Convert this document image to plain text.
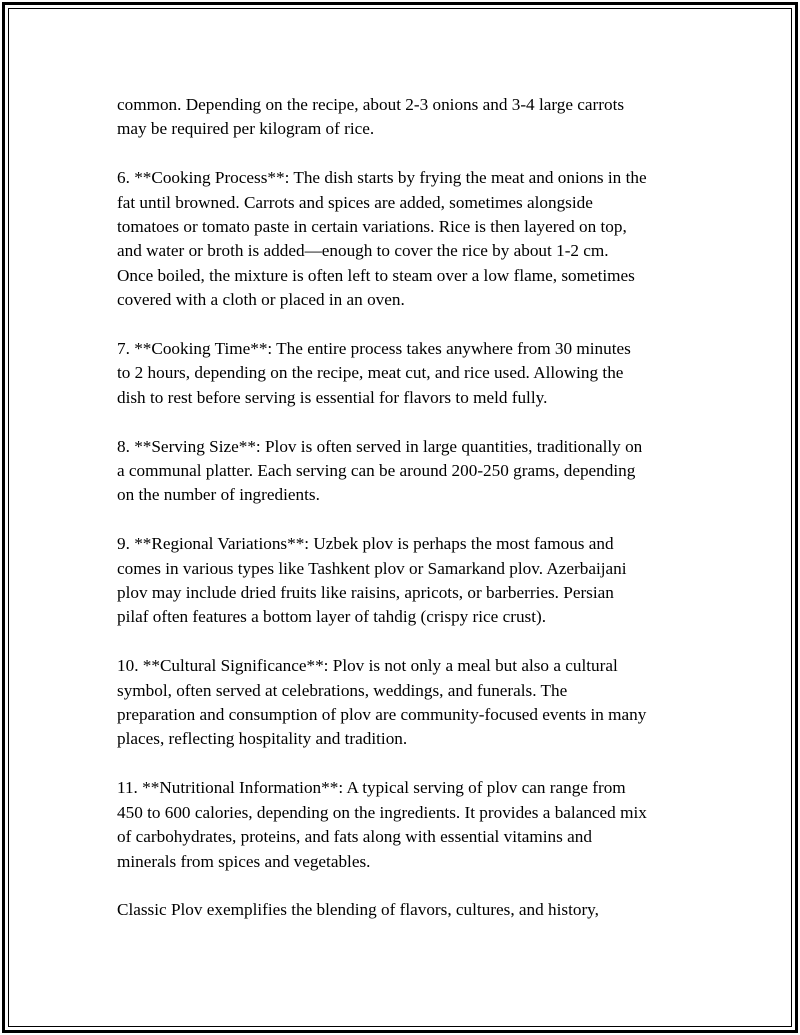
common. Depending on the recipe, about 2-3 onions and 3-4 large carrots
may be required per kilogram of rice.

6. **Cooking Process**: The dish starts by frying the meat and onions in the
fat until browned. Carrots and spices are added, sometimes alongside
tomatoes or tomato paste in certain variations. Rice is then layered on top,
and water or broth is added—enough to cover the rice by about 1-2 cm.
Once boiled, the mixture is often left to steam over a low flame, sometimes
covered with a cloth or placed in an oven.

7. **Cooking Time**: The entire process takes anywhere from 30 minutes
to 2 hours, depending on the recipe, meat cut, and rice used. Allowing the
dish to rest before serving is essential for flavors to meld fully.

8. **Serving Size**: Plov is often served in large quantities, traditionally on
a communal platter. Each serving can be around 200-250 grams, depending
on the number of ingredients.

9. **Regional Variations**: Uzbek plov is perhaps the most famous and
comes in various types like Tashkent plov or Samarkand plov. Azerbaijani
plov may include dried fruits like raisins, apricots, or barberries. Persian
pilaf often features a bottom layer of tahdig (crispy rice crust).

10. **Cultural Significance**: Plov is not only a meal but also a cultural
symbol, often served at celebrations, weddings, and funerals. The
preparation and consumption of plov are community-focused events in many
places, reflecting hospitality and tradition.

11. **Nutritional Information**: A typical serving of plov can range from
450 to 600 calories, depending on the ingredients. It provides a balanced mix
of carbohydrates, proteins, and fats along with essential vitamins and
minerals from spices and vegetables.

Classic Plov exemplifies the blending of flavors, cultures, and history,
